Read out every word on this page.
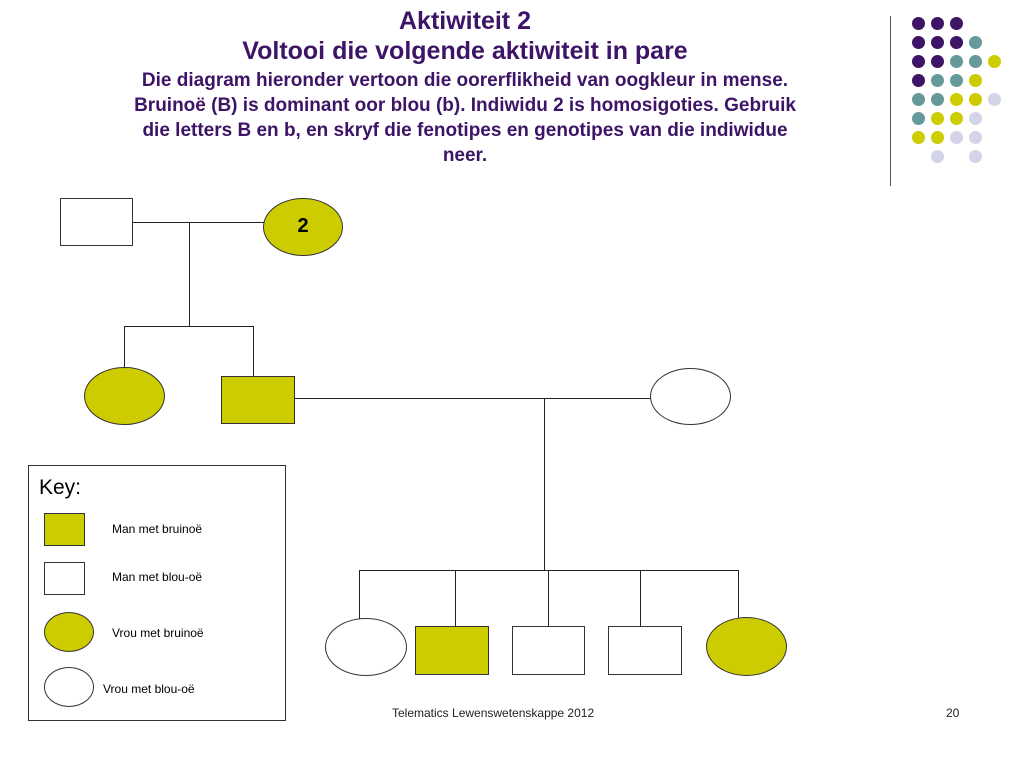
Aktiwiteit 2
Voltooi die volgende aktiwiteit in pare
Die diagram hieronder vertoon die oorerflikheid van oogkleur in mense.
Bruinoë (B) is dominant oor blou (b). Indiwidu 2 is homosigoties. Gebruik
die letters B en b, en skryf die fenotipes en genotipes van die indiwidue
neer.
2
Key:
Man met bruinoë
Man met blou-oë
Vrou met bruinoë
Vrou met blou-oë
Telematics Lewenswetenskappe 2012	20
